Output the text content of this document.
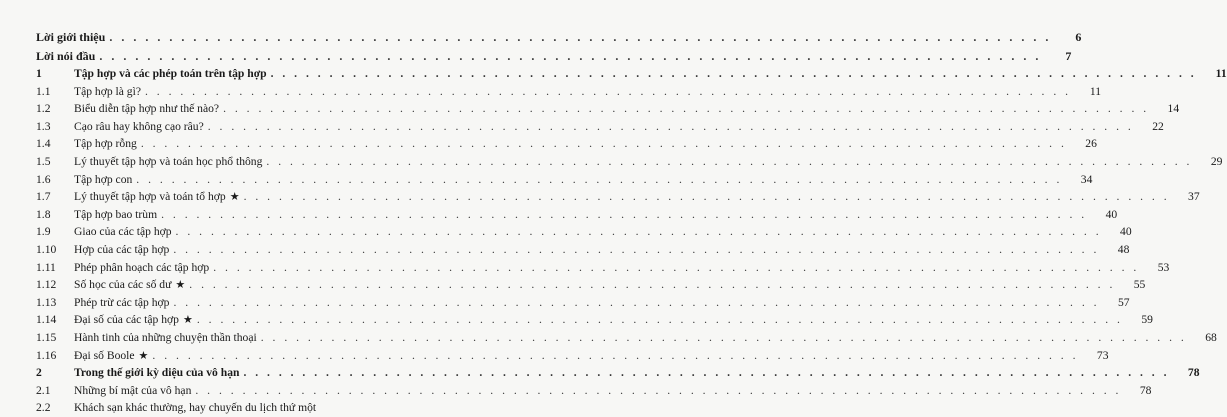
Lời giới thiệu . . .	6
Lời nói đầu . . .	7
1	Tập hợp và các phép toán trên tập hợp . . .	11
1.1	Tập hợp là gì? . . .	11
1.2	Biểu diễn tập hợp như thế nào? . . .	14
1.3	Cạo râu hay không cạo râu? . . .	22
1.4	Tập hợp rỗng . . .	26
1.5	Lý thuyết tập hợp và toán học phổ thông . . .	29
1.6	Tập hợp con . . .	34
1.7	Lý thuyết tập hợp và toán tổ hợp ★ . . .	37
1.8	Tập hợp bao trùm . . .	40
1.9	Giao của các tập hợp . . .	40
1.10	Hợp của các tập hợp . . .	48
1.11	Phép phân hoạch các tập hợp . . .	53
1.12	Số học của các số dư ★ . . .	55
1.13	Phép trừ các tập hợp . . .	57
1.14	Đại số của các tập hợp ★ . . .	59
1.15	Hành tinh của những chuyện thần thoại . . .	68
1.16	Đại số Boole ★ . . .	73
2	Trong thế giới kỳ diệu của vô hạn . . .	78
2.1	Những bí mật của vô hạn . . .	78
2.2	Khách sạn khác thường, hay chuyến du lịch thứ một
